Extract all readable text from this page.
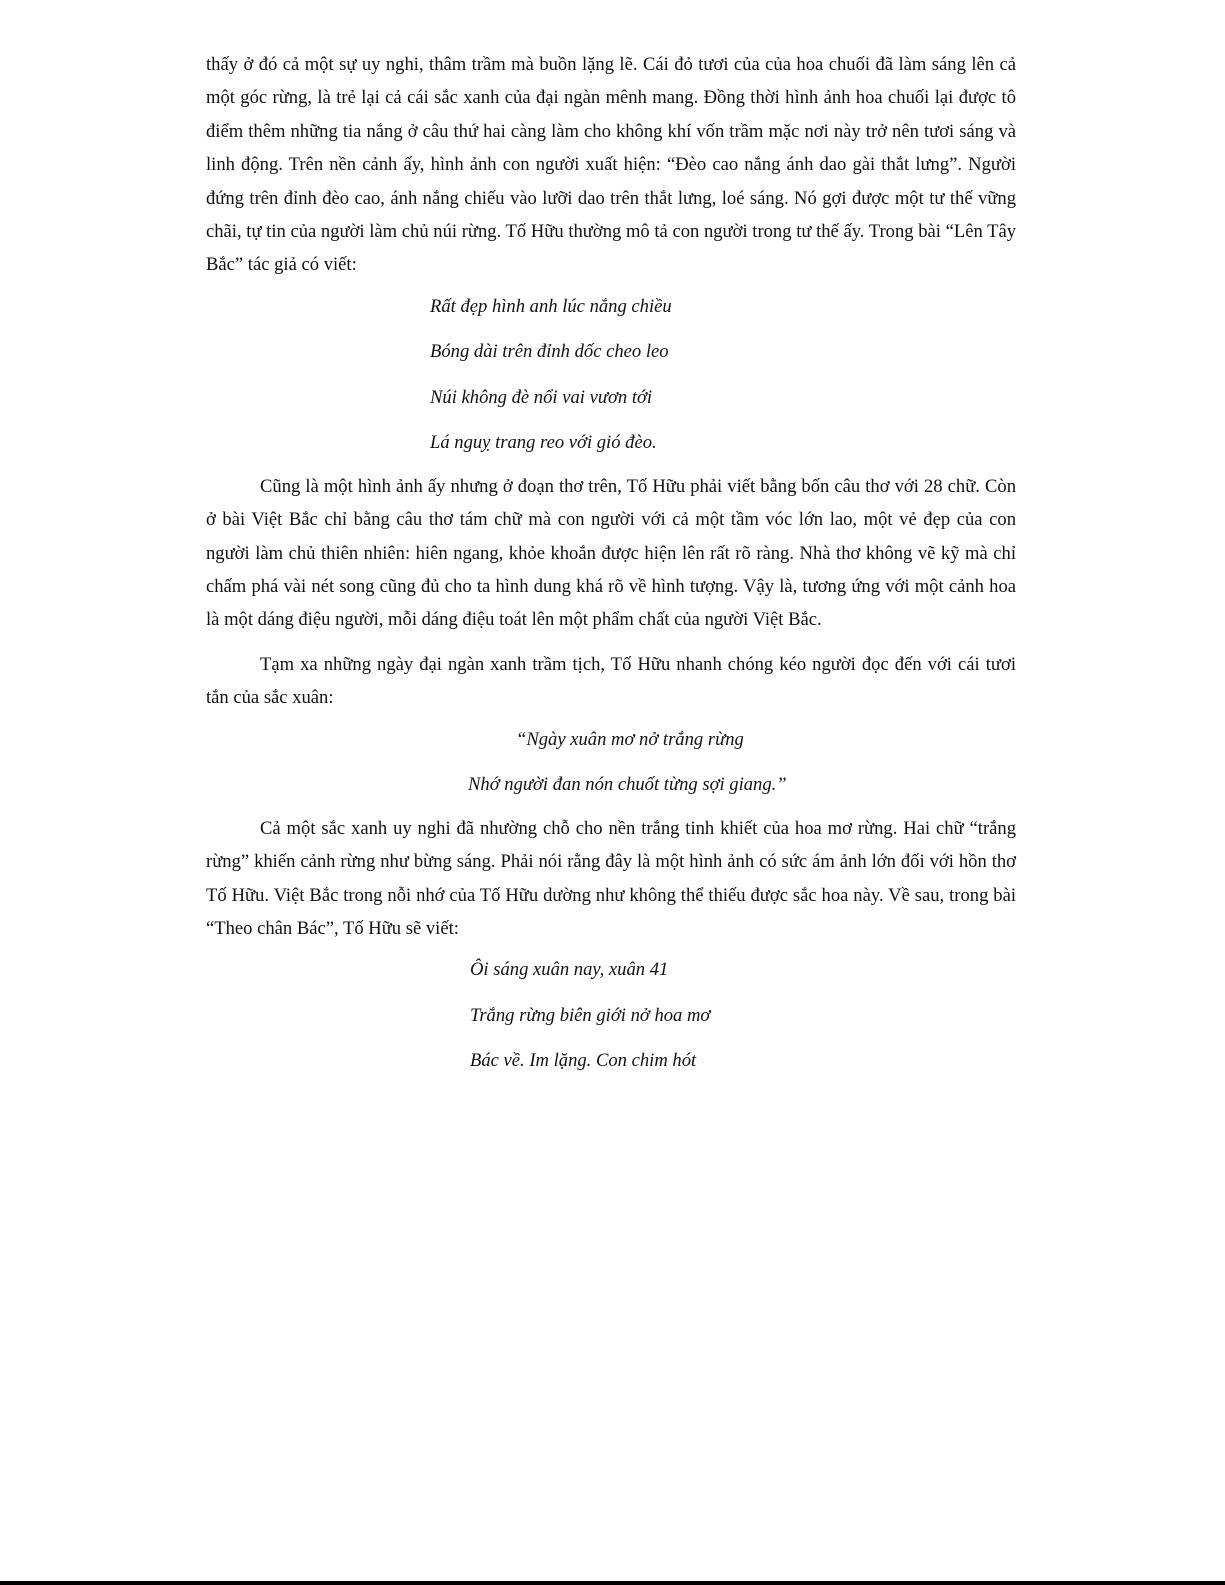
thấy ở đó cả một sự uy nghi, thâm trầm mà buồn lặng lẽ. Cái đỏ tươi của của hoa chuối đã làm sáng lên cả một góc rừng, là trẻ lại cả cái sắc xanh của đại ngàn mênh mang. Đồng thời hình ảnh hoa chuối lại được tô điểm thêm những tia nắng ở câu thứ hai càng làm cho không khí vốn trầm mặc nơi này trở nên tươi sáng và linh động. Trên nền cảnh ấy, hình ảnh con người xuất hiện: “Đèo cao nắng ánh dao gài thắt lưng”. Người đứng trên đỉnh đèo cao, ánh nắng chiếu vào lưỡi dao trên thắt lưng, loé sáng. Nó gợi được một tư thế vững chãi, tự tin của người làm chủ núi rừng. Tố Hữu thường mô tả con người trong tư thế ấy. Trong bài “Lên Tây Bắc” tác giả có viết:

Rất đẹp hình anh lúc nắng chiều
Bóng dài trên đỉnh dốc cheo leo
Núi không đè nổi vai vươn tới
Lá nguỵ trang reo với gió đèo.

Cũng là một hình ảnh ấy nhưng ở đoạn thơ trên, Tố Hữu phải viết bằng bốn câu thơ với 28 chữ. Còn ở bài Việt Bắc chỉ bằng câu thơ tám chữ mà con người với cả một tầm vóc lớn lao, một vẻ đẹp của con người làm chủ thiên nhiên: hiên ngang, khỏe khoắn được hiện lên rất rõ ràng. Nhà thơ không vẽ kỹ mà chỉ chấm phá vài nét song cũng đủ cho ta hình dung khá rõ về hình tượng. Vậy là, tương ứng với một cảnh hoa là một dáng điệu người, mỗi dáng điệu toát lên một phẩm chất của người Việt Bắc.

Tạm xa những ngày đại ngàn xanh trầm tịch, Tố Hữu nhanh chóng kéo người đọc đến với cái tươi tắn của sắc xuân:

“Ngày xuân mơ nở trắng rừng
Nhớ người đan nón chuốt từng sợi giang.”

Cả một sắc xanh uy nghi đã nhường chỗ cho nền trắng tinh khiết của hoa mơ rừng. Hai chữ “trắng rừng” khiến cảnh rừng như bừng sáng. Phải nói rằng đây là một hình ảnh có sức ám ảnh lớn đối với hồn thơ Tố Hữu. Việt Bắc trong nỗi nhớ của Tố Hữu dường như không thể thiếu được sắc hoa này. Về sau, trong bài “Theo chân Bác”, Tố Hữu sẽ viết:

Ôi sáng xuân nay, xuân 41
Trắng rừng biên giới nở hoa mơ
Bác về. Im lặng. Con chim hót
